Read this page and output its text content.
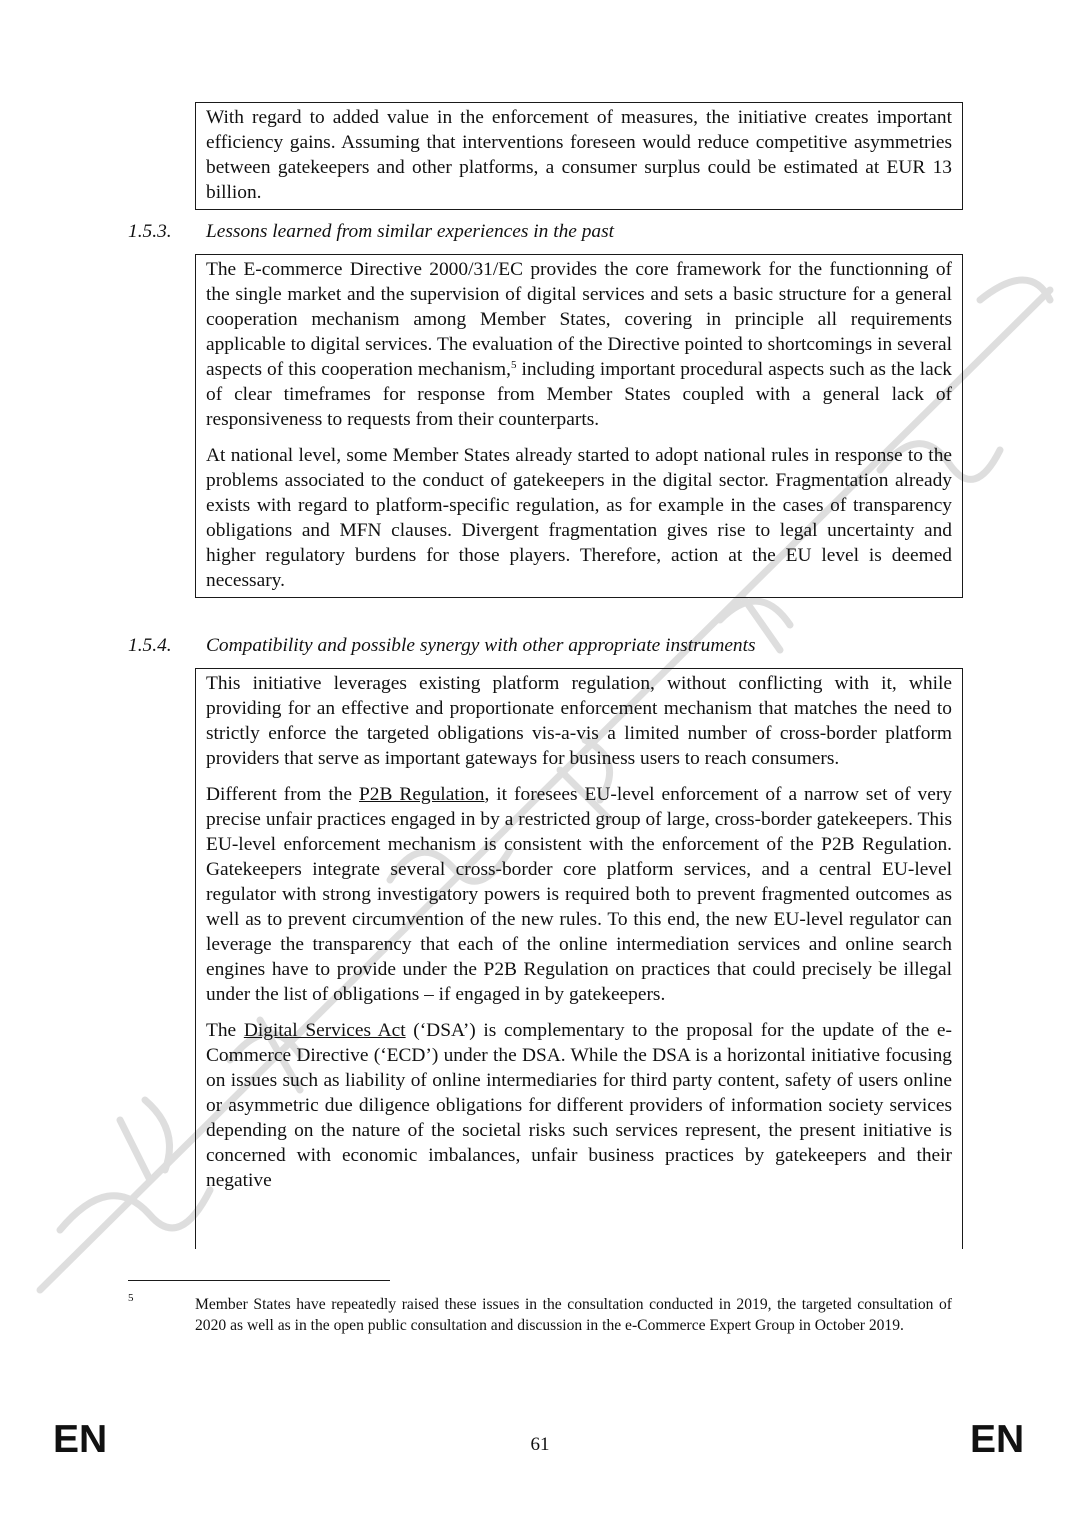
With regard to added value in the enforcement of measures, the initiative creates important efficiency gains. Assuming that interventions foreseen would reduce competitive asymmetries between gatekeepers and other platforms, a consumer surplus could be estimated at EUR 13 billion.

1.5.3. Lessons learned from similar experiences in the past

The E-commerce Directive 2000/31/EC provides the core framework for the functionning of the single market and the supervision of digital services and sets a basic structure for a general cooperation mechanism among Member States, covering in principle all requirements applicable to digital services. The evaluation of the Directive pointed to shortcomings in several aspects of this cooperation mechanism,$^5$ including important procedural aspects such as the lack of clear timeframes for response from Member States coupled with a general lack of responsiveness to requests from their counterparts.

At national level, some Member States already started to adopt national rules in response to the problems associated to the conduct of gatekeepers in the digital sector. Fragmentation already exists with regard to platform-specific regulation, as for example in the cases of transparency obligations and MFN clauses. Divergent fragmentation gives rise to legal uncertainty and higher regulatory burdens for those players. Therefore, action at the EU level is deemed necessary.

1.5.4. Compatibility and possible synergy with other appropriate instruments

This initiative leverages existing platform regulation, without conflicting with it, while providing for an effective and proportionate enforcement mechanism that matches the need to strictly enforce the targeted obligations vis-a-vis a limited number of cross-border platform providers that serve as important gateways for business users to reach consumers.

Different from the P2B Regulation, it foresees EU-level enforcement of a narrow set of very precise unfair practices engaged in by a restricted group of large, cross-border gatekeepers. This EU-level enforcement mechanism is consistent with the enforcement of the P2B Regulation. Gatekeepers integrate several cross-border core platform services, and a central EU-level regulator with strong investigatory powers is required both to prevent fragmented outcomes as well as to prevent circumvention of the new rules. To this end, the new EU-level regulator can leverage the transparency that each of the online intermediation services and online search engines have to provide under the P2B Regulation on practices that could precisely be illegal under the list of obligations – if engaged in by gatekeepers.

The Digital Services Act (‘DSA’) is complementary to the proposal for the update of the e-Commerce Directive (‘ECD’) under the DSA. While the DSA is a horizontal initiative focusing on issues such as liability of online intermediaries for third party content, safety of users online or asymmetric due diligence obligations for different providers of information society services depending on the nature of the societal risks such services represent, the present initiative is concerned with economic imbalances, unfair business practices by gatekeepers and their negative

5	Member States have repeatedly raised these issues in the consultation conducted in 2019, the targeted consultation of 2020 as well as in the open public consultation and discussion in the e-Commerce Expert Group in October 2019.
EN	61	EN
